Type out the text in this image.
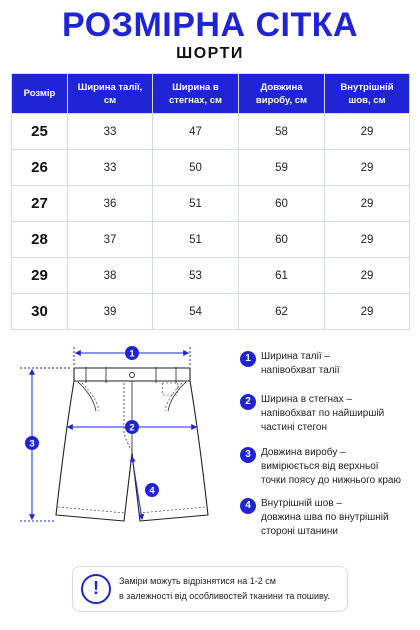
РОЗМІРНА СІТКА
ШОРТИ
Розмір	Ширина талії, см	Ширина в стегнах, см	Довжина виробу, см	Внутрішній шов, см
25	33	47	58	29
26	33	50	59	29
27	36	51	60	29
28	37	51	60	29
29	38	53	61	29
30	39	54	62	29
1
2
3
4
1	Ширина талії –
напівобхват талії
2	Ширина в стегнах –
напівобхват по найширшій
частині стегон
3	Довжина виробу –
вимірюється від верхньої
точки поясу до нижнього краю
4	Внутрішній шов –
довжина шва по внутрішній
стороні штанини
!	Заміри можуть відрізнятися на 1-2 см
в залежності від особливостей тканини та пошиву.
